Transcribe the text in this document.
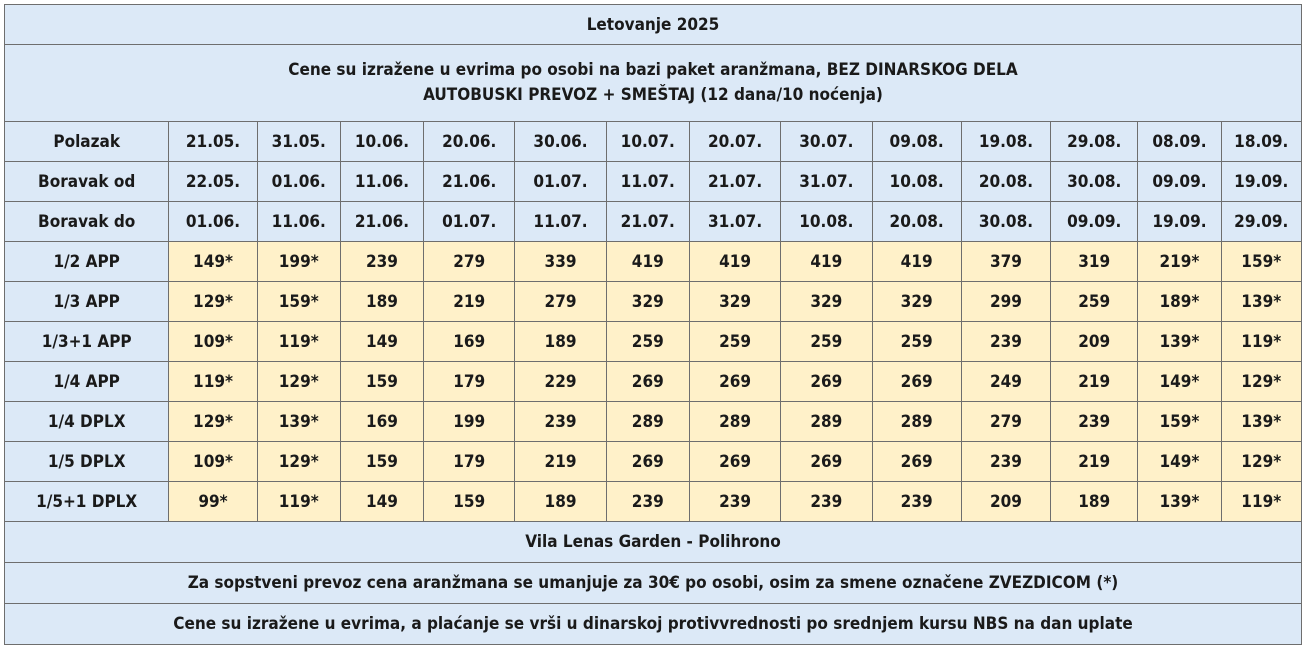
Letovanje 2025													

Cene su izražene u evrima po osobi na bazi paket aranžmana, BEZ DINARSKOG DELA
AUTOBUSKI PREVOZ + SMEŠTAJ (12 dana/10 noćenja)													

Polazak	21.05.	31.05.	10.06.	20.06.	30.06.	10.07.	20.07.	30.07.	09.08.	19.08.	29.08.	08.09.	18.09.
Boravak od	22.05.	01.06.	11.06.	21.06.	01.07.	11.07.	21.07.	31.07.	10.08.	20.08.	30.08.	09.09.	19.09.
Boravak do	01.06.	11.06.	21.06.	01.07.	11.07.	21.07.	31.07.	10.08.	20.08.	30.08.	09.09.	19.09.	29.09.
1/2 APP	149*	199*	239	279	339	419	419	419	419	379	319	219*	159*
1/3 APP	129*	159*	189	219	279	329	329	329	329	299	259	189*	139*
1/3+1 APP	109*	119*	149	169	189	259	259	259	259	239	209	139*	119*
1/4 APP	119*	129*	159	179	229	269	269	269	269	249	219	149*	129*
1/4 DPLX	129*	139*	169	199	239	289	289	289	289	279	239	159*	139*
1/5 DPLX	109*	129*	159	179	219	269	269	269	269	239	219	149*	129*
1/5+1 DPLX	99*	119*	149	159	189	239	239	239	239	209	189	139*	119*
Vila Lenas Garden - Polihrono													
Za sopstveni prevoz cena aranžmana se umanjuje za 30€ po osobi, osim za smene označene ZVEZDICOM (*)													
Cene su izražene u evrima, a plaćanje se vrši u dinarskoj protivvrednosti po srednjem kursu NBS na dan uplate													
